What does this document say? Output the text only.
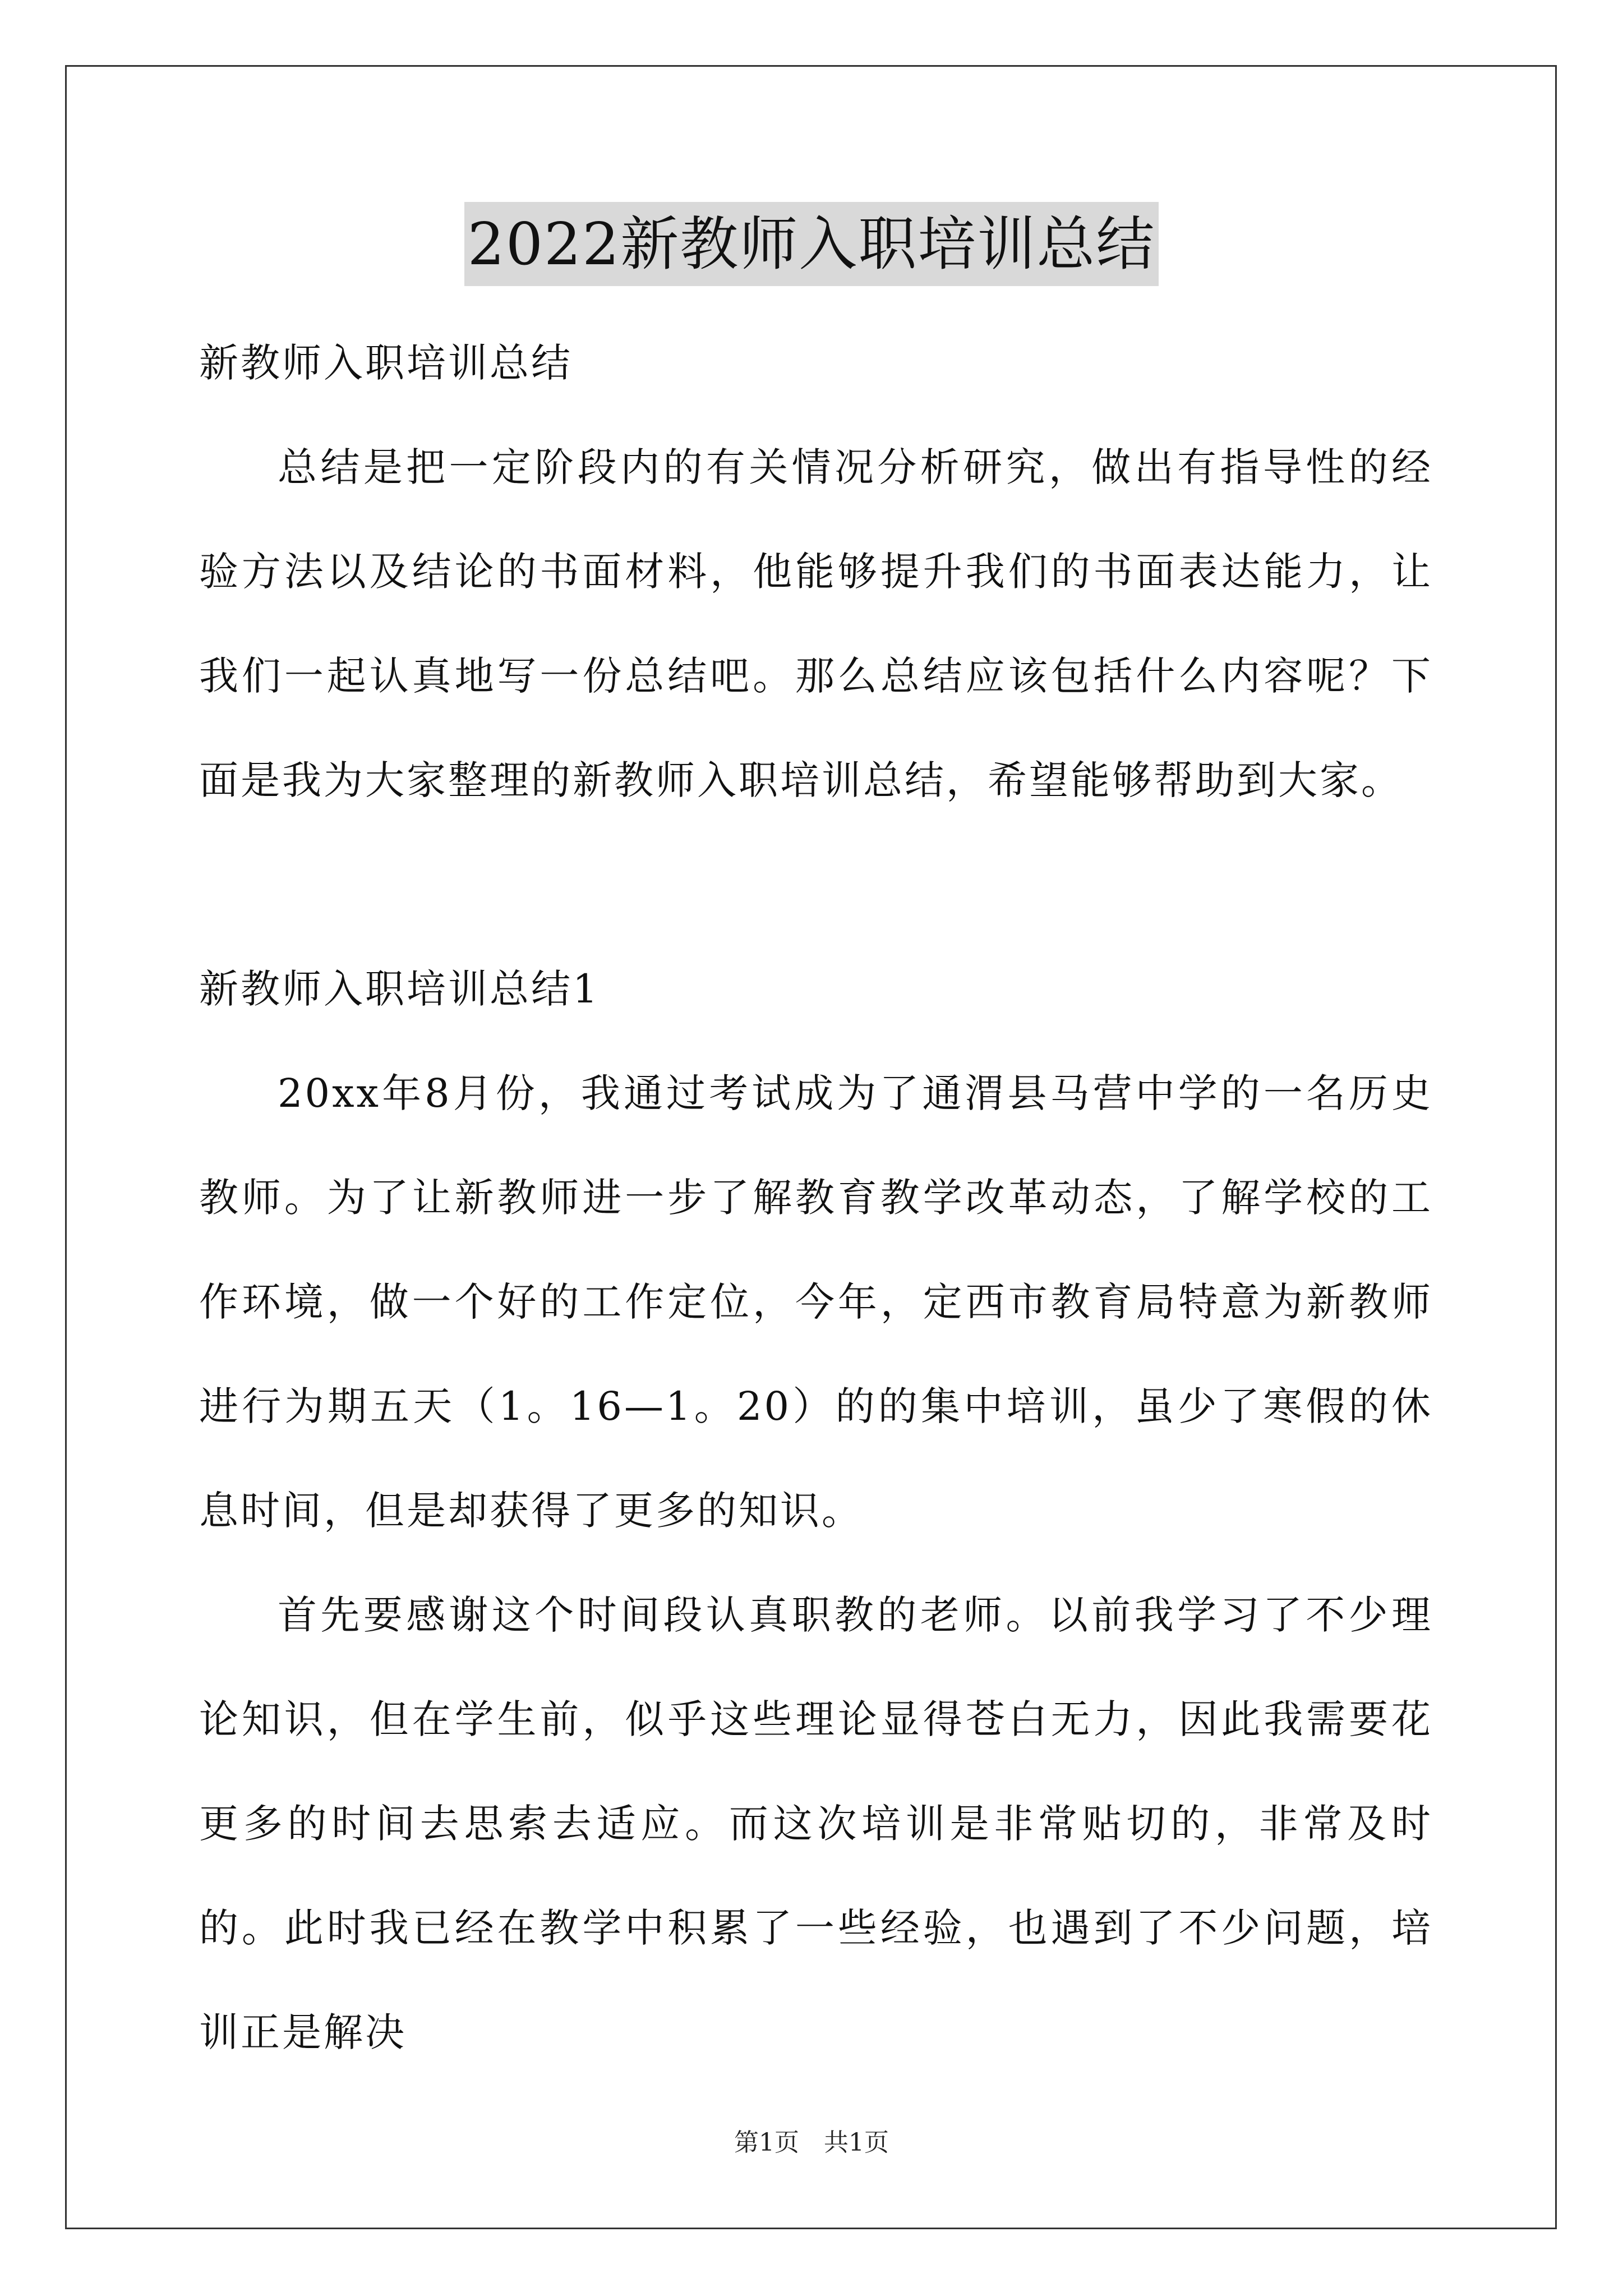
2022新教师入职培训总结

新教师入职培训总结

总结是把一定阶段内的有关情况分析研究，做出有指导性的经验方法以及结论的书面材料，他能够提升我们的书面表达能力，让我们一起认真地写一份总结吧。那么总结应该包括什么内容呢？下面是我为大家整理的新教师入职培训总结，希望能够帮助到大家。

新教师入职培训总结1

20xx年8月份，我通过考试成为了通渭县马营中学的一名历史教师。为了让新教师进一步了解教育教学改革动态，了解学校的工作环境，做一个好的工作定位，今年，定西市教育局特意为新教师进行为期五天（1。16—1。20）的的集中培训，虽少了寒假的休息时间，但是却获得了更多的知识。

首先要感谢这个时间段认真职教的老师。以前我学习了不少理论知识，但在学生前，似乎这些理论显得苍白无力，因此我需要花更多的时间去思索去适应。而这次培训是非常贴切的，非常及时的。此时我已经在教学中积累了一些经验，也遇到了不少问题，培训正是解决

第1页 共1页
